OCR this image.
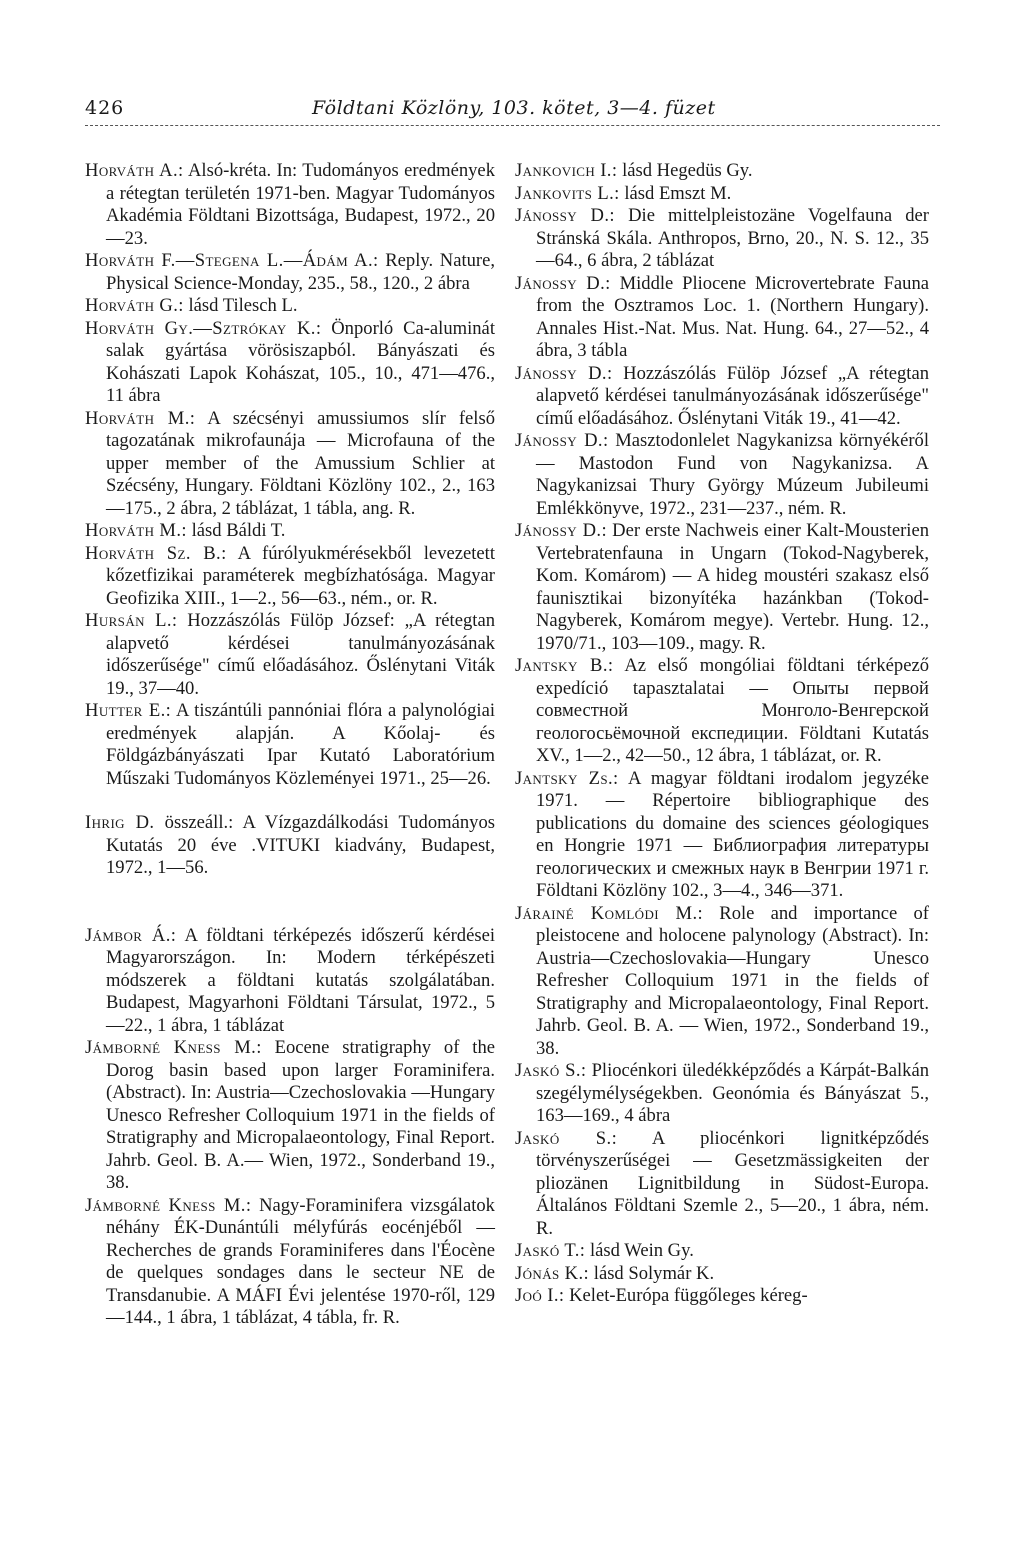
426	Földtani Közlöny, 103. kötet, 3—4. füzet

Horváth A.: Alsó-kréta. In: Tudományos eredmények a rétegtan területén 1971-ben. Magyar Tudományos Akadémia Földtani Bizottsága, Budapest, 1972., 20—23.

Horváth F.—Stegena L.—Ádám A.: Reply. Nature, Physical Science-Monday, 235., 58., 120., 2 ábra

Horváth G.: lásd Tilesch L.

Horváth Gy.—Sztrókay K.: Önporló Ca-aluminát salak gyártása vörösiszapból. Bányászati és Kohászati Lapok Kohászat, 105., 10., 471—476., 11 ábra

Horváth M.: A szécsényi amussiumos slír felső tagozatának mikrofaunája — Microfauna of the upper member of the Amussium Schlier at Szécsény, Hungary. Földtani Közlöny 102., 2., 163—175., 2 ábra, 2 táblázat, 1 tábla, ang. R.

Horváth M.: lásd Báldi T.

Horváth Sz. B.: A fúrólyukmérésekből levezetett kőzetfizikai paraméterek megbízhatósága. Magyar Geofizika XIII., 1—2., 56—63., ném., or. R.

Hursán L.: Hozzászólás Fülöp József: „A rétegtan alapvető kérdései tanulmányozásának időszerűsége" című előadásához. Őslénytani Viták 19., 37—40.

Hutter E.: A tiszántúli pannóniai flóra a palynológiai eredmények alapján. A Kőolaj- és Földgázbányászati Ipar Kutató Laboratórium Műszaki Tudományos Közleményei 1971., 25—26.

Ihrig D. összeáll.: A Vízgazdálkodási Tudományos Kutatás 20 éve .VITUKI kiadvány, Budapest, 1972., 1—56.

Jámbor Á.: A földtani térképezés időszerű kérdései Magyarországon. In: Modern térképészeti módszerek a földtani kutatás szolgálatában. Budapest, Magyarhoni Földtani Társulat, 1972., 5—22., 1 ábra, 1 táblázat

Jámborné Kness M.: Eocene stratigraphy of the Dorog basin based upon larger Foraminifera. (Abstract). In: Austria—Czechoslovakia —Hungary Unesco Refresher Colloquium 1971 in the fields of Stratigraphy and Micropalaeontology, Final Report. Jahrb. Geol. B. A.— Wien, 1972., Sonderband 19., 38.

Jámborné Kness M.: Nagy-Foraminifera vizsgálatok néhány ÉK-Dunántúli mélyfúrás eocénjéből — Recherches de grands Foraminiferes dans l'Éocène de quelques sondages dans le secteur NE de Transdanubie. A MÁFI Évi jelentése 1970-ről, 129—144., 1 ábra, 1 táblázat, 4 tábla, fr. R.

Jankovich I.: lásd Hegedüs Gy.

Jankovits L.: lásd Emszt M.

Jánossy D.: Die mittelpleistozäne Vogelfauna der Stránská Skála. Anthropos, Brno, 20., N. S. 12., 35—64., 6 ábra, 2 táblázat

Jánossy D.: Middle Pliocene Microvertebrate Fauna from the Osztramos Loc. 1. (Northern Hungary). Annales Hist.-Nat. Mus. Nat. Hung. 64., 27—52., 4 ábra, 3 tábla

Jánossy D.: Hozzászólás Fülöp József „A rétegtan alapvető kérdései tanulmányozásának időszerűsége" című előadásához. Őslénytani Viták 19., 41—42.

Jánossy D.: Masztodonlelet Nagykanizsa környékéről — Mastodon Fund von Nagykanizsa. A Nagykanizsai Thury György Múzeum Jubileumi Emlékkönyve, 1972., 231—237., ném. R.

Jánossy D.: Der erste Nachweis einer Kalt-Mousterien Vertebratenfauna in Ungarn (Tokod-Nagyberek, Kom. Komárom) — A hideg moustéri szakasz első faunisztikai bizonyítéka hazánkban (Tokod-Nagyberek, Komárom megye). Vertebr. Hung. 12., 1970/71., 103—109., magy. R.

Jantsky B.: Az első mongóliai földtani térképező expedíció tapasztalatai — Опыты первой совместной Монголо-Венгерской геологосьёмочной експедиции. Földtani Kutatás XV., 1—2., 42—50., 12 ábra, 1 táblázat, or. R.

Jantsky Zs.: A magyar földtani irodalom jegyzéke 1971. — Répertoire bibliographique des publications du domaine des sciences géologiques en Hongrie 1971 — Библиография литературы геологических и смежных наук в Венгрии 1971 г. Földtani Közlöny 102., 3—4., 346—371.

Járainé Komlódi M.: Role and importance of pleistocene and holocene palynology (Abstract). In: Austria—Czechoslovakia—Hungary Unesco Refresher Colloquium 1971 in the fields of Stratigraphy and Micropalaeontology, Final Report. Jahrb. Geol. B. A. — Wien, 1972., Sonderband 19., 38.

Jaskó S.: Pliocénkori üledékképződés a Kárpát-Balkán szegélymélységekben. Geonómia és Bányászat 5., 163—169., 4 ábra

Jaskó S.: A pliocénkori lignitképződés törvényszerűségei — Gesetzmässigkeiten der pliozänen Lignitbildung in Südost-Europa. Általános Földtani Szemle 2., 5—20., 1 ábra, ném. R.

Jaskó T.: lásd Wein Gy.

Jónás K.: lásd Solymár K.

Joó I.: Kelet-Európa függőleges kéreg-
